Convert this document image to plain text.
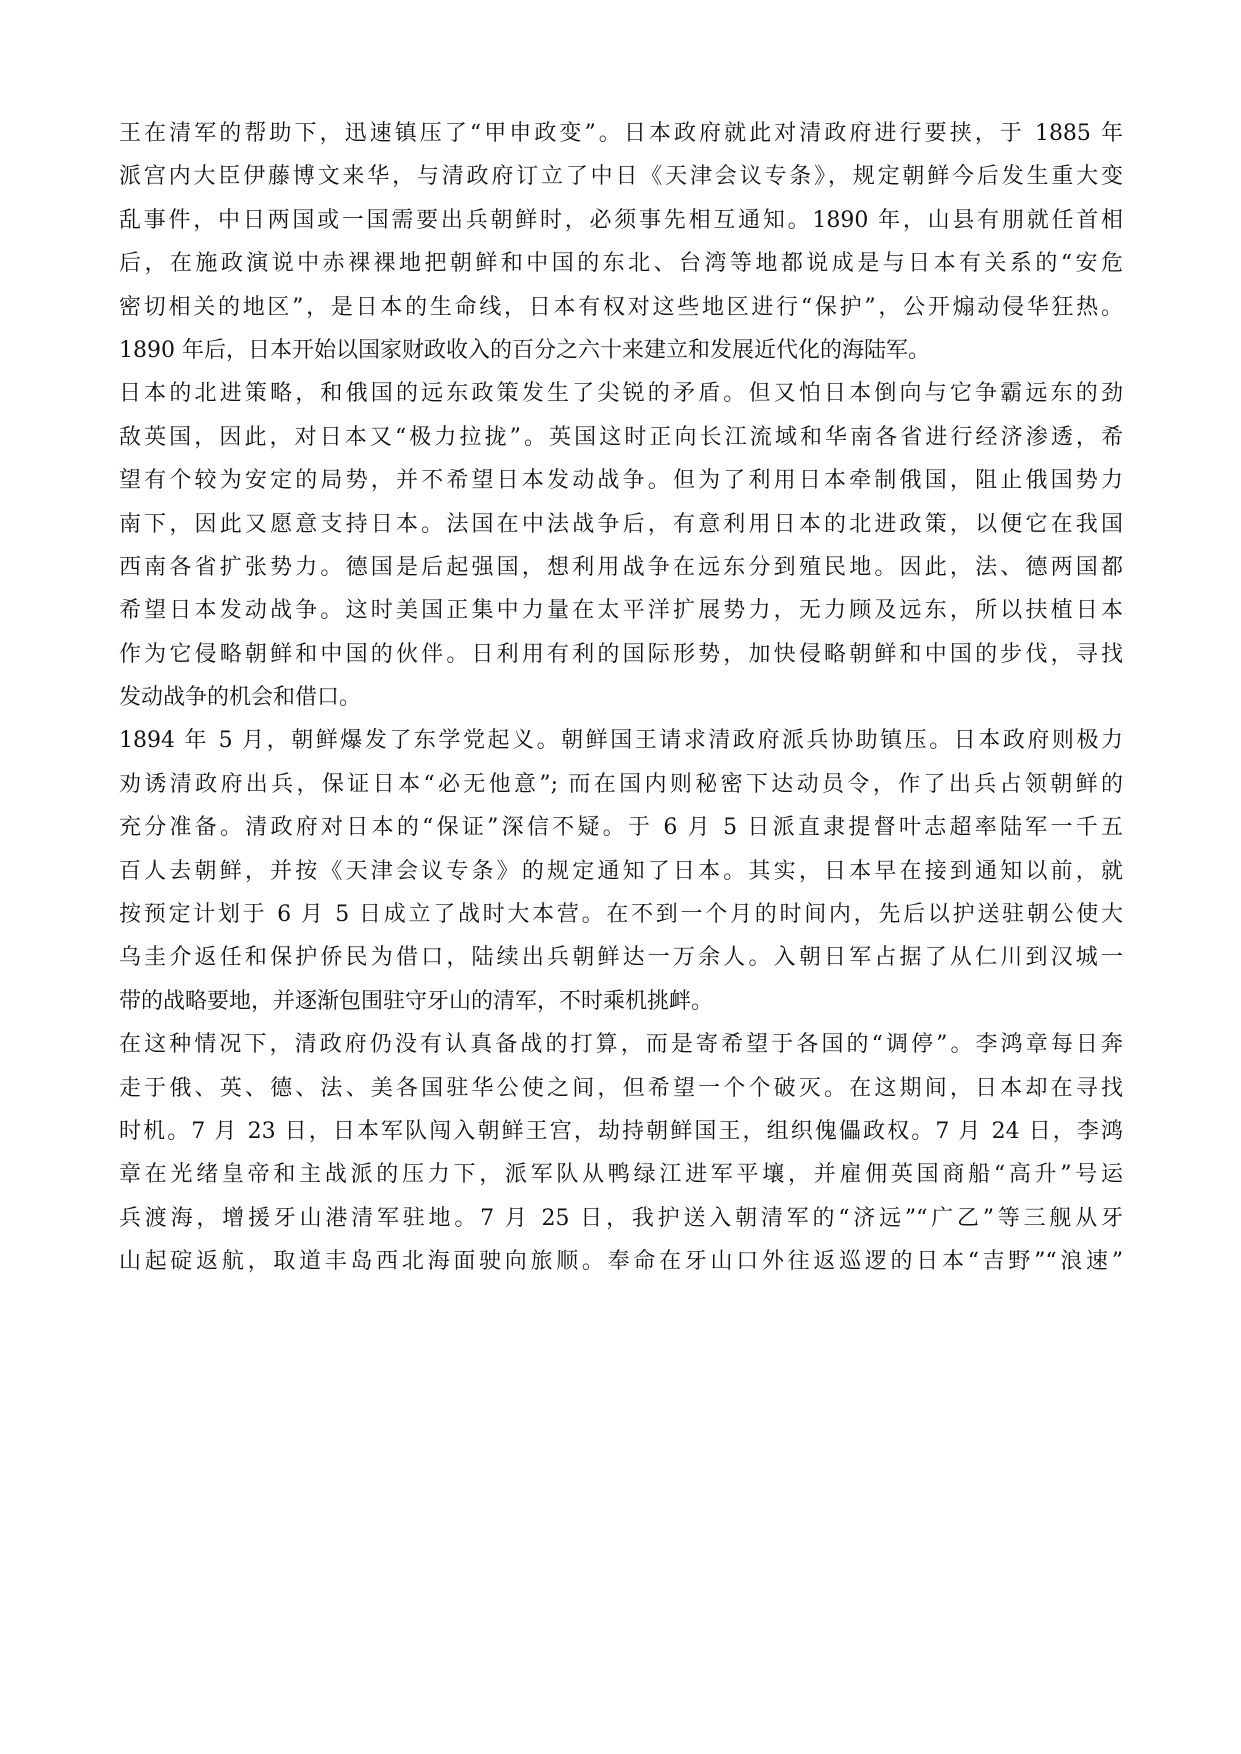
王在清军的帮助下，迅速镇压了“甲申政变”。日本政府就此对清政府进行要挟，于 1885 年
派宫内大臣伊藤博文来华，与清政府订立了中日《天津会议专条》，规定朝鲜今后发生重大变
乱事件，中日两国或一国需要出兵朝鲜时，必须事先相互通知。1890 年，山县有朋就任首相
后，在施政演说中赤裸裸地把朝鲜和中国的东北、台湾等地都说成是与日本有关系的“安危
密切相关的地区”，是日本的生命线，日本有权对这些地区进行“保护”，公开煽动侵华狂热。
1890 年后，日本开始以国家财政收入的百分之六十来建立和发展近代化的海陆军。
日本的北进策略，和俄国的远东政策发生了尖锐的矛盾。但又怕日本倒向与它争霸远东的劲
敌英国，因此，对日本又“极力拉拢”。英国这时正向长江流域和华南各省进行经济渗透，希
望有个较为安定的局势，并不希望日本发动战争。但为了利用日本牵制俄国，阻止俄国势力
南下，因此又愿意支持日本。法国在中法战争后，有意利用日本的北进政策，以便它在我国
西南各省扩张势力。德国是后起强国，想利用战争在远东分到殖民地。因此，法、德两国都
希望日本发动战争。这时美国正集中力量在太平洋扩展势力，无力顾及远东，所以扶植日本
作为它侵略朝鲜和中国的伙伴。日利用有利的国际形势，加快侵略朝鲜和中国的步伐，寻找
发动战争的机会和借口。
1894 年 5 月，朝鲜爆发了东学党起义。朝鲜国王请求清政府派兵协助镇压。日本政府则极力
劝诱清政府出兵，保证日本“必无他意”; 而在国内则秘密下达动员令，作了出兵占领朝鲜的
充分准备。清政府对日本的“保证”深信不疑。于 6 月 5 日派直隶提督叶志超率陆军一千五
百人去朝鲜，并按《天津会议专条》的规定通知了日本。其实，日本早在接到通知以前，就
按预定计划于 6 月 5 日成立了战时大本营。在不到一个月的时间内，先后以护送驻朝公使大
乌圭介返任和保护侨民为借口，陆续出兵朝鲜达一万余人。入朝日军占据了从仁川到汉城一
带的战略要地，并逐渐包围驻守牙山的清军，不时乘机挑衅。
在这种情况下，清政府仍没有认真备战的打算，而是寄希望于各国的“调停”。李鸿章每日奔
走于俄、英、德、法、美各国驻华公使之间，但希望一个个破灭。在这期间，日本却在寻找
时机。7 月 23 日，日本军队闯入朝鲜王宫，劫持朝鲜国王，组织傀儡政权。7 月 24 日，李鸿
章在光绪皇帝和主战派的压力下，派军队从鸭绿江进军平壤，并雇佣英国商船“高升”号运
兵渡海，增援牙山港清军驻地。7 月 25 日，我护送入朝清军的“济远”“广乙”等三舰从牙
山起碇返航，取道丰岛西北海面驶向旅顺。奉命在牙山口外往返巡逻的日本“吉野”“浪速”
